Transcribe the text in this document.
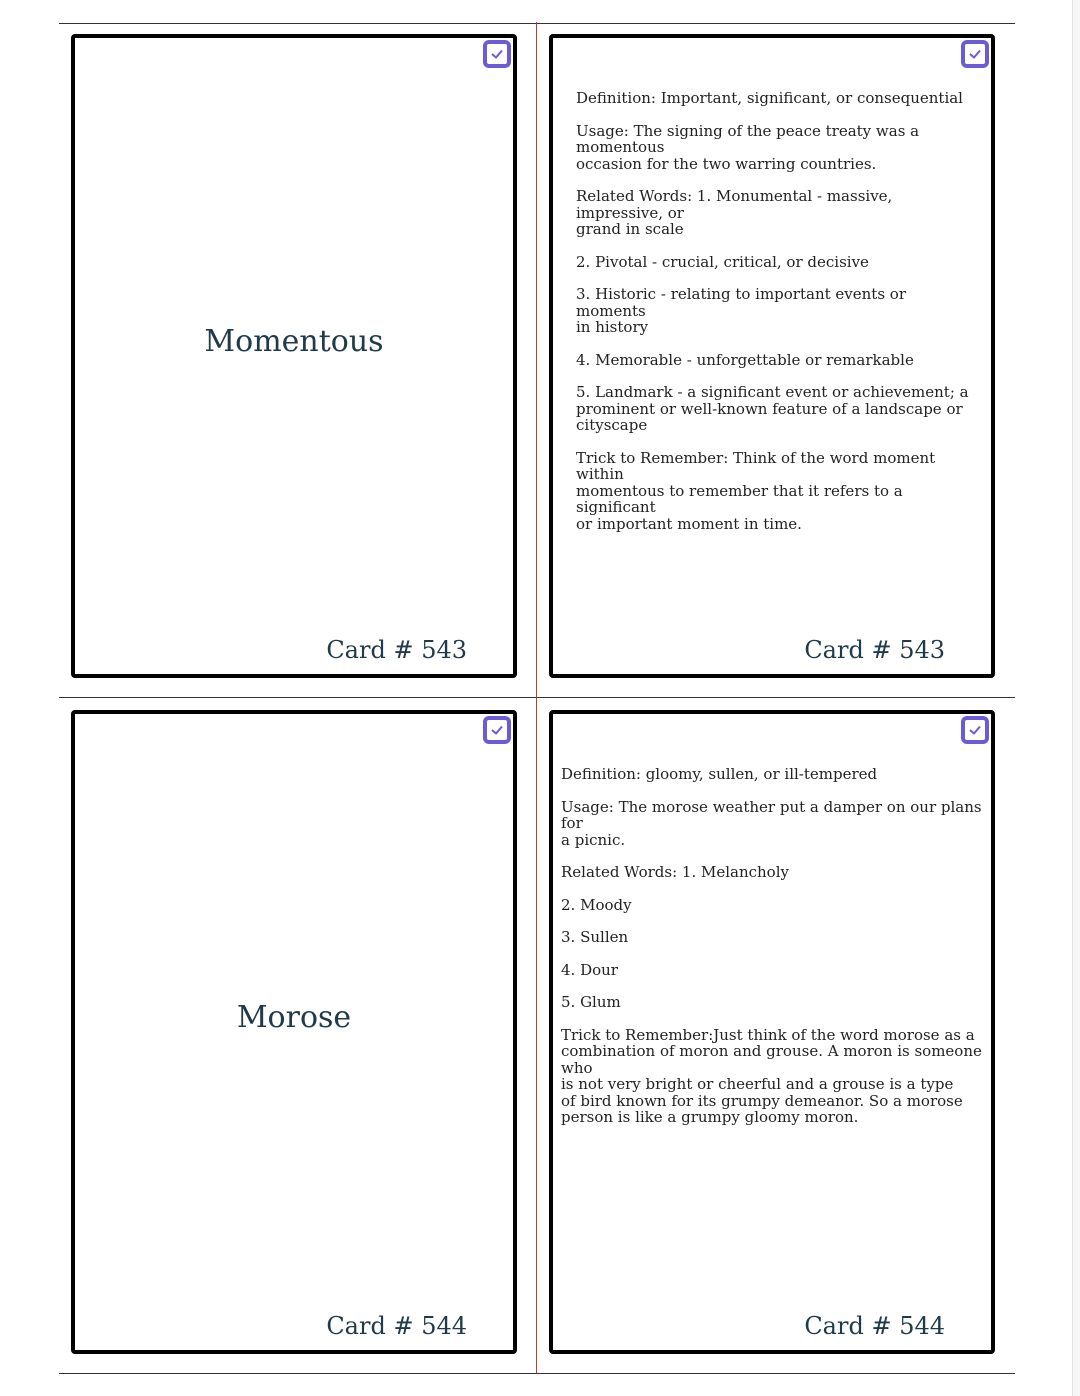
Momentous
Card # 543

Definition: Important, significant, or consequential

Usage: The signing of the peace treaty was a momentous
occasion for the two warring countries.

Related Words: 1. Monumental - massive, impressive, or
grand in scale

2. Pivotal - crucial, critical, or decisive

3. Historic - relating to important events or moments
in history

4. Memorable - unforgettable or remarkable

5. Landmark - a significant event or achievement; a
prominent or well-known feature of a landscape or
cityscape

Trick to Remember: Think of the word moment within
momentous to remember that it refers to a significant
or important moment in time.

Card # 543
Morose
Card # 544

Definition: gloomy, sullen, or ill-tempered

Usage: The morose weather put a damper on our plans for
a picnic.

Related Words: 1. Melancholy

2. Moody

3. Sullen

4. Dour

5. Glum

Trick to Remember:Just think of the word morose as a
combination of moron and grouse. A moron is someone who
is not very bright or cheerful and a grouse is a type
of bird known for its grumpy demeanor. So a morose
person is like a grumpy gloomy moron.

Card # 544
